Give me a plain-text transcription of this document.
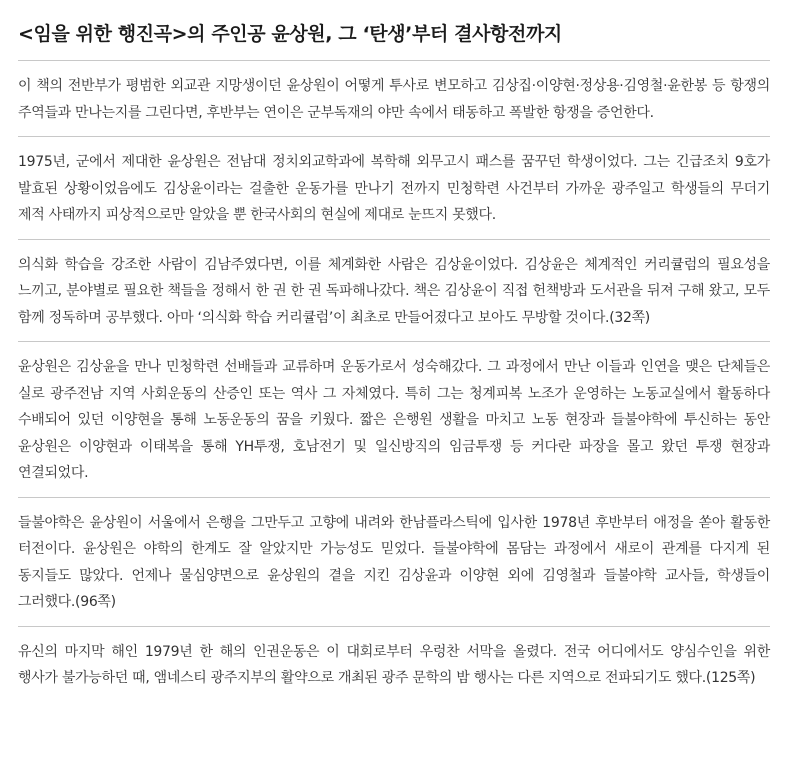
<임을 위한 행진곡>의 주인공 윤상원, 그 ‘탄생’부터 결사항전까지

이 책의 전반부가 평범한 외교관 지망생이던 윤상원이 어떻게 투사로 변모하고 김상집·이양현·정상용·김영철·윤한봉 등 항쟁의 주역들과 만나는지를 그린다면, 후반부는 연이은 군부독재의 야만 속에서 태동하고 폭발한 항쟁을 증언한다.

1975년, 군에서 제대한 윤상원은 전남대 정치외교학과에 복학해 외무고시 패스를 꿈꾸던 학생이었다. 그는 긴급조치 9호가 발효된 상황이었음에도 김상윤이라는 걸출한 운동가를 만나기 전까지 민청학련 사건부터 가까운 광주일고 학생들의 무더기 제적 사태까지 피상적으로만 알았을 뿐 한국사회의 현실에 제대로 눈뜨지 못했다.

의식화 학습을 강조한 사람이 김남주였다면, 이를 체계화한 사람은 김상윤이었다. 김상윤은 체계적인 커리큘럼의 필요성을 느끼고, 분야별로 필요한 책들을 정해서 한 권 한 권 독파해나갔다. 책은 김상윤이 직접 헌책방과 도서관을 뒤져 구해 왔고, 모두 함께 정독하며 공부했다. 아마 ‘의식화 학습 커리큘럼’이 최초로 만들어졌다고 보아도 무방할 것이다.(32쪽)

윤상원은 김상윤을 만나 민청학련 선배들과 교류하며 운동가로서 성숙해갔다. 그 과정에서 만난 이들과 인연을 맺은 단체들은 실로 광주전남 지역 사회운동의 산증인 또는 역사 그 자체였다. 특히 그는 청계피복 노조가 운영하는 노동교실에서 활동하다 수배되어 있던 이양현을 통해 노동운동의 꿈을 키웠다. 짧은 은행원 생활을 마치고 노동 현장과 들불야학에 투신하는 동안 윤상원은 이양현과 이태복을 통해 YH투쟁, 호남전기 및 일신방직의 임금투쟁 등 커다란 파장을 몰고 왔던 투쟁 현장과 연결되었다.

들불야학은 윤상원이 서울에서 은행을 그만두고 고향에 내려와 한남플라스틱에 입사한 1978년 후반부터 애정을 쏟아 활동한 터전이다. 윤상원은 야학의 한계도 잘 알았지만 가능성도 믿었다. 들불야학에 몸담는 과정에서 새로이 관계를 다지게 된 동지들도 많았다. 언제나 물심양면으로 윤상원의 곁을 지킨 김상윤과 이양현 외에 김영철과 들불야학 교사들, 학생들이 그러했다.(96쪽)

유신의 마지막 해인 1979년 한 해의 인권운동은 이 대회로부터 우렁찬 서막을 올렸다. 전국 어디에서도 양심수인을 위한 행사가 불가능하던 때, 앰네스티 광주지부의 활약으로 개최된 광주 문학의 밤 행사는 다른 지역으로 전파되기도 했다.(125쪽)
